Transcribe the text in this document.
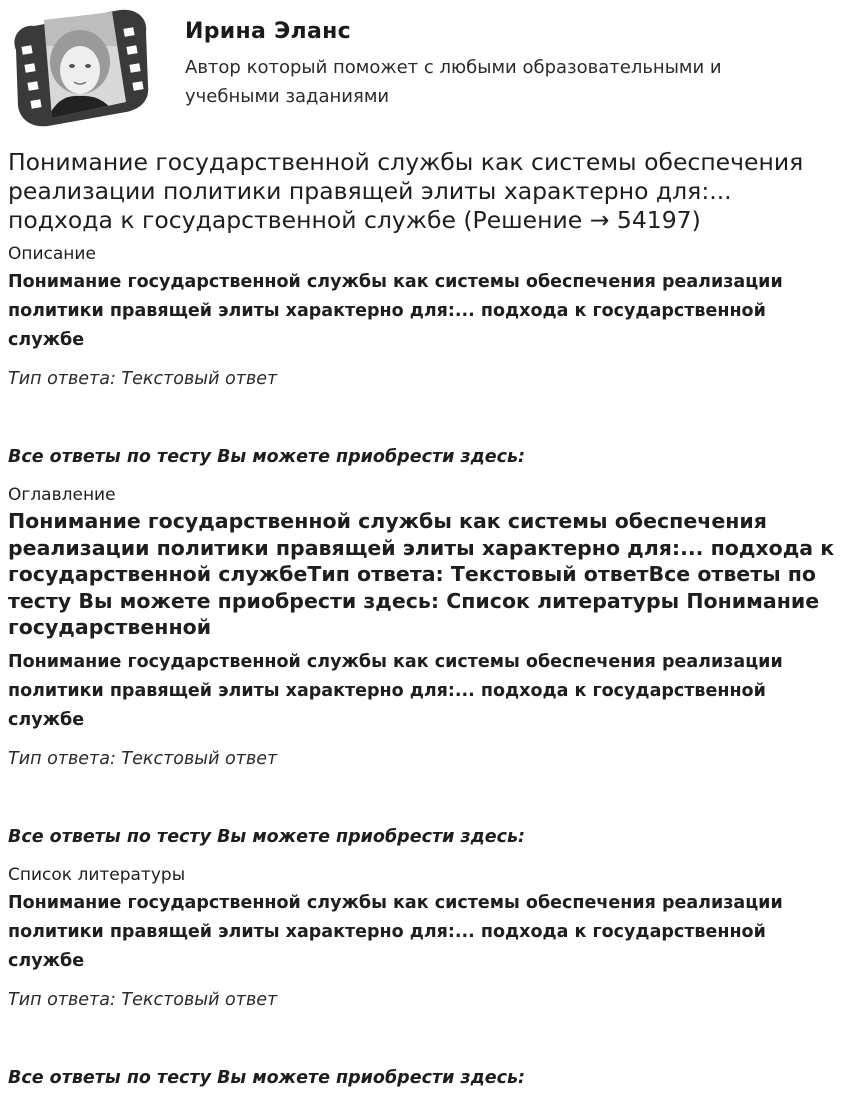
Ирина Эланс
Автор который поможет с любыми образовательными и учебными заданиями
Понимание государственной службы как системы обеспечения реализации политики правящей элиты характерно для:... подхода к государственной службе (Решение → 54197)
Описание
Понимание государственной службы как системы обеспечения реализации политики правящей элиты характерно для:... подхода к государственной службе
Тип ответа: Текстовый ответ
Все ответы по тесту Вы можете приобрести здесь:
Оглавление
Понимание государственной службы как системы обеспечения реализации политики правящей элиты характерно для:... подхода к государственной службеТип ответа: Текстовый ответВсе ответы по тесту Вы можете приобрести здесь: Список литературы Понимание государственной
Понимание государственной службы как системы обеспечения реализации политики правящей элиты характерно для:... подхода к государственной службе
Тип ответа: Текстовый ответ
Все ответы по тесту Вы можете приобрести здесь:
Список литературы
Понимание государственной службы как системы обеспечения реализации политики правящей элиты характерно для:... подхода к государственной службе
Тип ответа: Текстовый ответ
Все ответы по тесту Вы можете приобрести здесь:
